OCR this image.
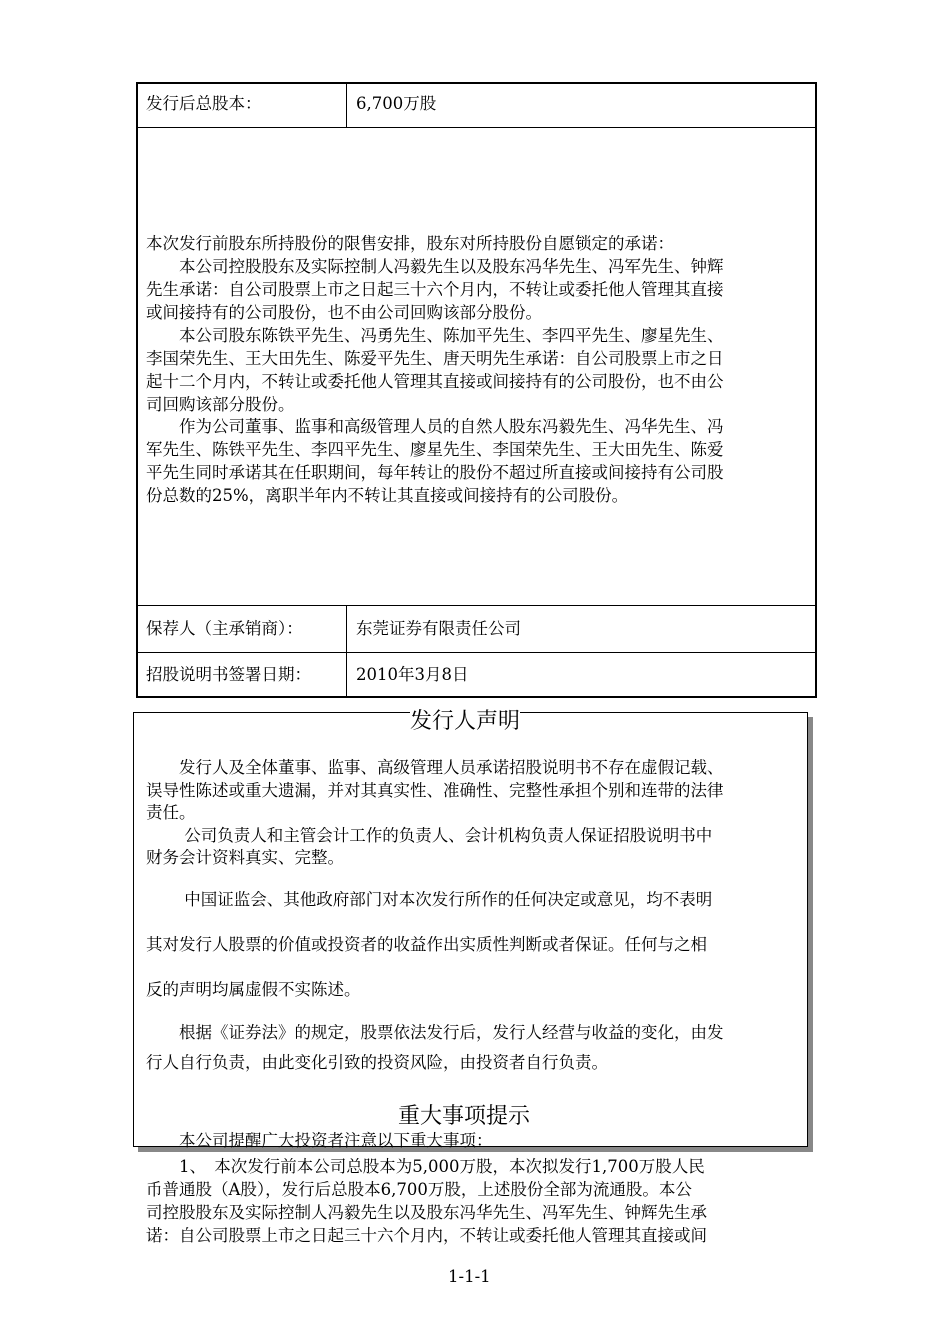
发行后总股本：	6,700万股
本次发行前股东所持股份的限售安排，股东对所持股份自愿锁定的承诺：
　　本公司控股股东及实际控制人冯毅先生以及股东冯华先生、冯军先生、钟辉
先生承诺：自公司股票上市之日起三十六个月内，不转让或委托他人管理其直接
或间接持有的公司股份，也不由公司回购该部分股份。
　　本公司股东陈铁平先生、冯勇先生、陈加平先生、李四平先生、廖星先生、
李国荣先生、王大田先生、陈爱平先生、唐天明先生承诺：自公司股票上市之日
起十二个月内，不转让或委托他人管理其直接或间接持有的公司股份，也不由公
司回购该部分股份。
　　作为公司董事、监事和高级管理人员的自然人股东冯毅先生、冯华先生、冯
军先生、陈铁平先生、李四平先生、廖星先生、李国荣先生、王大田先生、陈爱
平先生同时承诺其在任职期间，每年转让的股份不超过所直接或间接持有公司股
份总数的25%，离职半年内不转让其直接或间接持有的公司股份。
保荐人（主承销商）：	东莞证券有限责任公司
招股说明书签署日期：	2010年3月8日
发行人声明
　　发行人及全体董事、监事、高级管理人员承诺招股说明书不存在虚假记载、
误导性陈述或重大遗漏，并对其真实性、准确性、完整性承担个别和连带的法律
责任。
　　 公司负责人和主管会计工作的负责人、会计机构负责人保证招股说明书中
财务会计资料真实、完整。
　　 中国证监会、其他政府部门对本次发行所作的任何决定或意见，均不表明
其对发行人股票的价值或投资者的收益作出实质性判断或者保证。任何与之相
反的声明均属虚假不实陈述。
　　根据《证券法》的规定，股票依法发行后，发行人经营与收益的变化，由发
行人自行负责，由此变化引致的投资风险，由投资者自行负责。
重大事项提示
　　本公司提醒广大投资者注意以下重大事项：
　　1、　本次发行前本公司总股本为5,000万股，本次拟发行1,700万股人民
币普通股（A股），发行后总股本6,700万股，上述股份全部为流通股。本公
司控股股东及实际控制人冯毅先生以及股东冯华先生、冯军先生、钟辉先生承
诺：自公司股票上市之日起三十六个月内，不转让或委托他人管理其直接或间
1-1-1
